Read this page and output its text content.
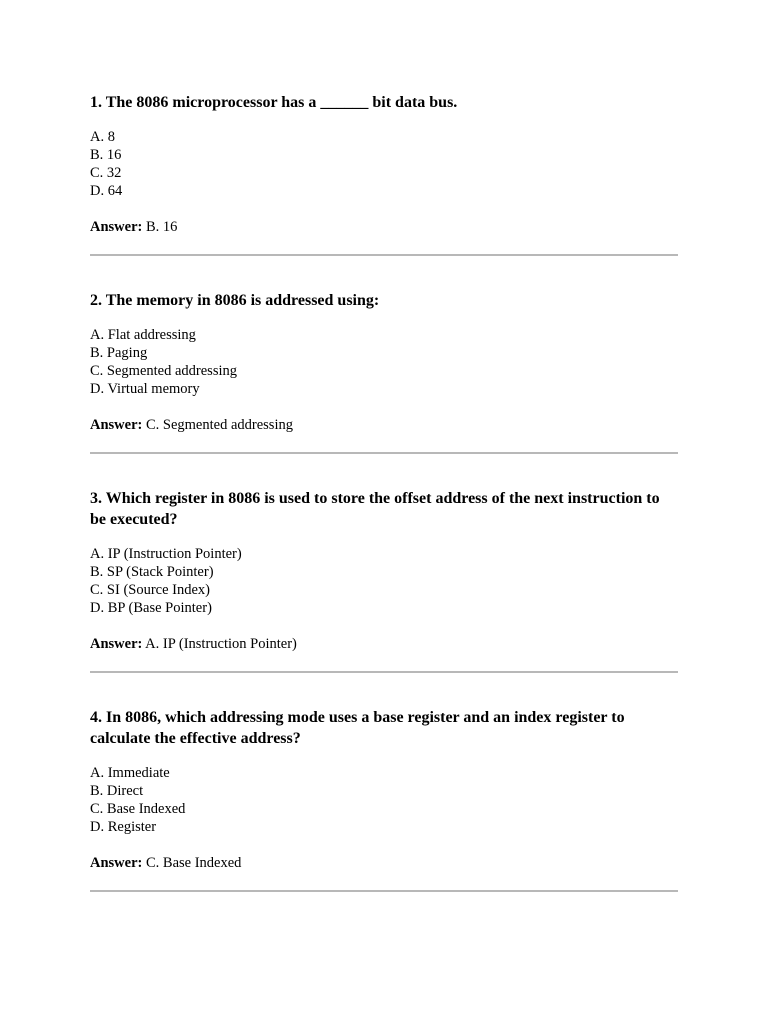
1. The 8086 microprocessor has a ______ bit data bus.

A. 8
B. 16
C. 32
D. 64

Answer: B. 16

2. The memory in 8086 is addressed using:

A. Flat addressing
B. Paging
C. Segmented addressing
D. Virtual memory

Answer: C. Segmented addressing

3. Which register in 8086 is used to store the offset address of the next instruction to be executed?

A. IP (Instruction Pointer)
B. SP (Stack Pointer)
C. SI (Source Index)
D. BP (Base Pointer)

Answer: A. IP (Instruction Pointer)

4. In 8086, which addressing mode uses a base register and an index register to calculate the effective address?

A. Immediate
B. Direct
C. Base Indexed
D. Register

Answer: C. Base Indexed
